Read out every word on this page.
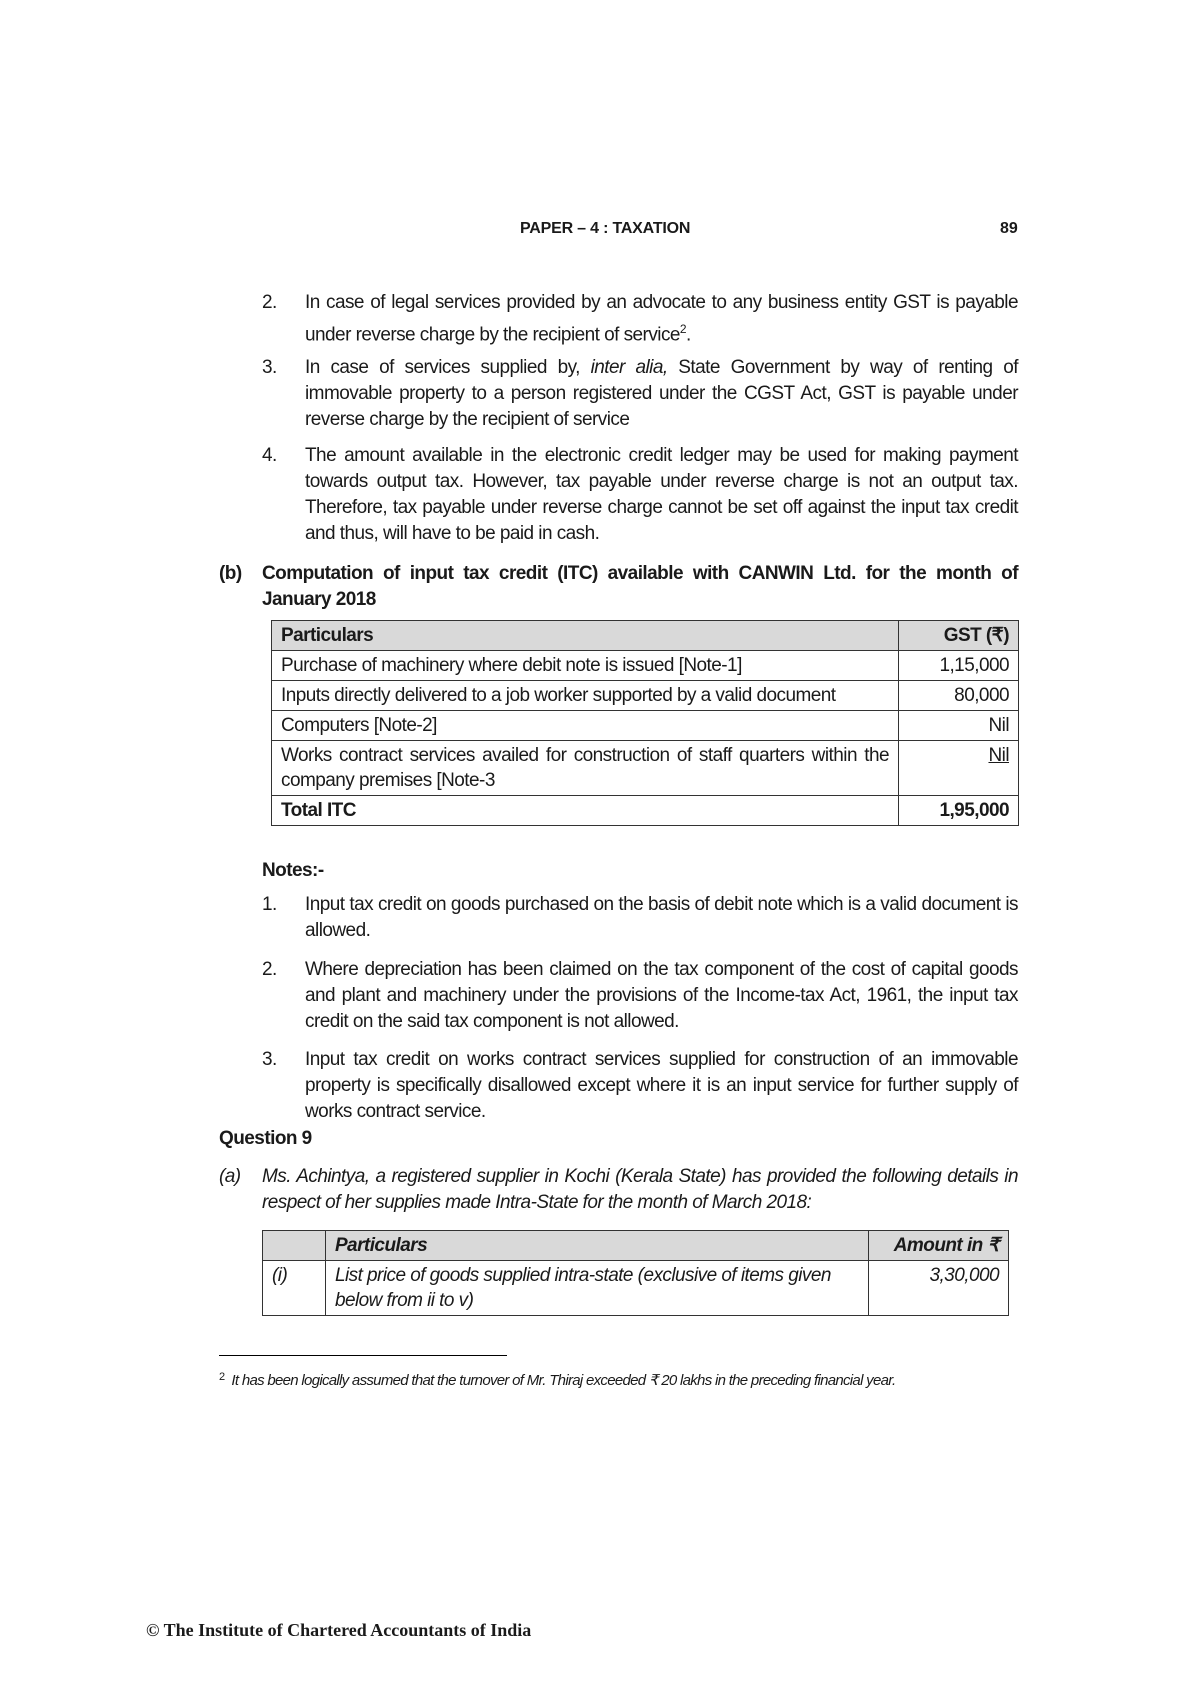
PAPER – 4 : TAXATION	89
2. In case of legal services provided by an advocate to any business entity GST is payable under reverse charge by the recipient of service$^2$.
3. In case of services supplied by, inter alia, State Government by way of renting of immovable property to a person registered under the CGST Act, GST is payable under reverse charge by the recipient of service
4. The amount available in the electronic credit ledger may be used for making payment towards output tax. However, tax payable under reverse charge is not an output tax. Therefore, tax payable under reverse charge cannot be set off against the input tax credit and thus, will have to be paid in cash.
(b) Computation of input tax credit (ITC) available with CANWIN Ltd. for the month of January 2018
Particulars	GST (₹)
Purchase of machinery where debit note is issued [Note-1]	1,15,000
Inputs directly delivered to a job worker supported by a valid document	80,000
Computers [Note-2]	Nil
Works contract services availed for construction of staff quarters within the company premises [Note-3	Nil
Total ITC	1,95,000
Notes:-
1. Input tax credit on goods purchased on the basis of debit note which is a valid document is allowed.
2. Where depreciation has been claimed on the tax component of the cost of capital goods and plant and machinery under the provisions of the Income-tax Act, 1961, the input tax credit on the said tax component is not allowed.
3. Input tax credit on works contract services supplied for construction of an immovable property is specifically disallowed except where it is an input service for further supply of works contract service.
Question 9
(a) Ms. Achintya, a registered supplier in Kochi (Kerala State) has provided the following details in respect of her supplies made Intra-State for the month of March 2018:
	Particulars	Amount in ₹
(i)	List price of goods supplied intra-state (exclusive of items given below from ii to v)	3,30,000
$^2$ It has been logically assumed that the turnover of Mr. Thiraj exceeded ₹ 20 lakhs in the preceding financial year.
© The Institute of Chartered Accountants of India
